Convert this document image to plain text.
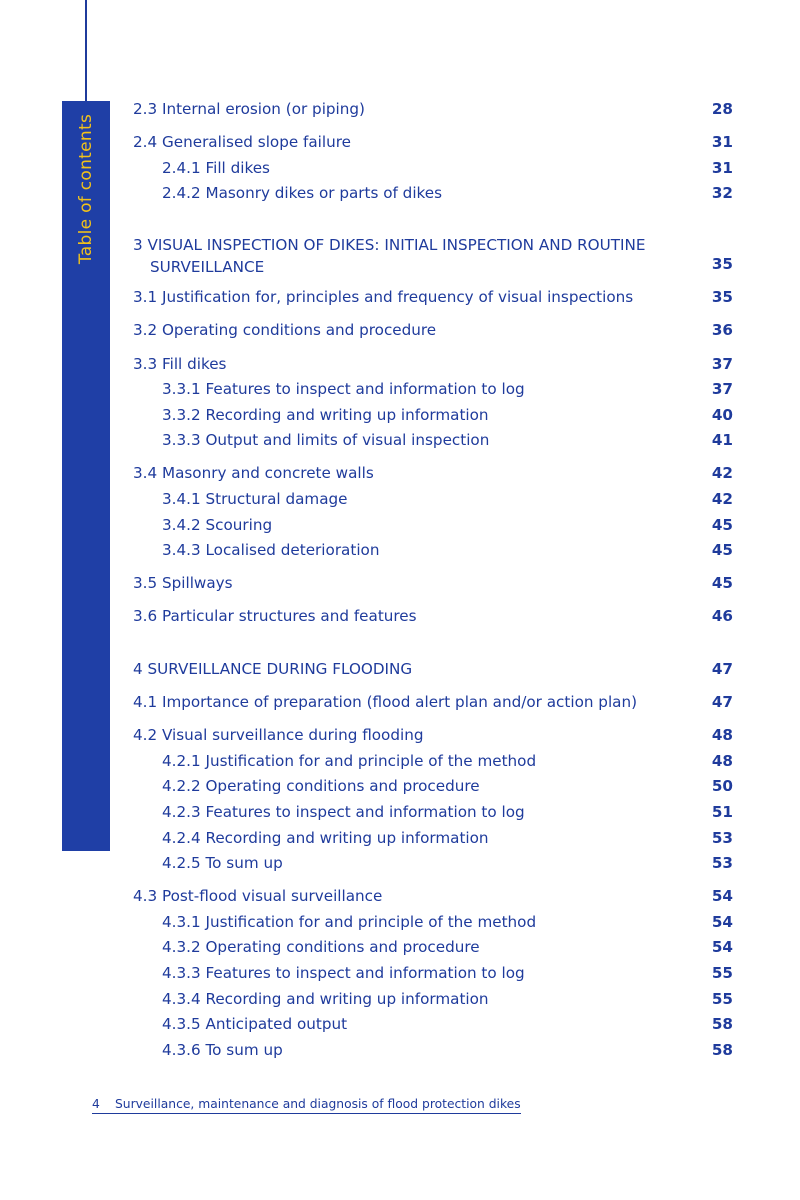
Table of contents
2.3 Internal erosion (or piping)	28
2.4 Generalised slope failure	31
2.4.1 Fill dikes	31
2.4.2 Masonry dikes or parts of dikes	32
3 VISUAL INSPECTION OF DIKES: INITIAL INSPECTION AND ROUTINE
SURVEILLANCE	35
3.1 Justification for, principles and frequency of visual inspections	35
3.2 Operating conditions and procedure	36
3.3 Fill dikes	37
3.3.1 Features to inspect and information to log	37
3.3.2 Recording and writing up information	40
3.3.3 Output and limits of visual inspection	41
3.4 Masonry and concrete walls	42
3.4.1 Structural damage	42
3.4.2 Scouring	45
3.4.3 Localised deterioration	45
3.5 Spillways	45
3.6 Particular structures and features	46
4 SURVEILLANCE DURING FLOODING	47
4.1 Importance of preparation (flood alert plan and/or action plan)	47
4.2 Visual surveillance during flooding	48
4.2.1 Justification for and principle of the method	48
4.2.2 Operating conditions and procedure	50
4.2.3 Features to inspect and information to log	51
4.2.4 Recording and writing up information	53
4.2.5 To sum up	53
4.3 Post-flood visual surveillance	54
4.3.1 Justification for and principle of the method	54
4.3.2 Operating conditions and procedure	54
4.3.3 Features to inspect and information to log	55
4.3.4 Recording and writing up information	55
4.3.5 Anticipated output	58
4.3.6 To sum up	58
4 Surveillance, maintenance and diagnosis of flood protection dikes
